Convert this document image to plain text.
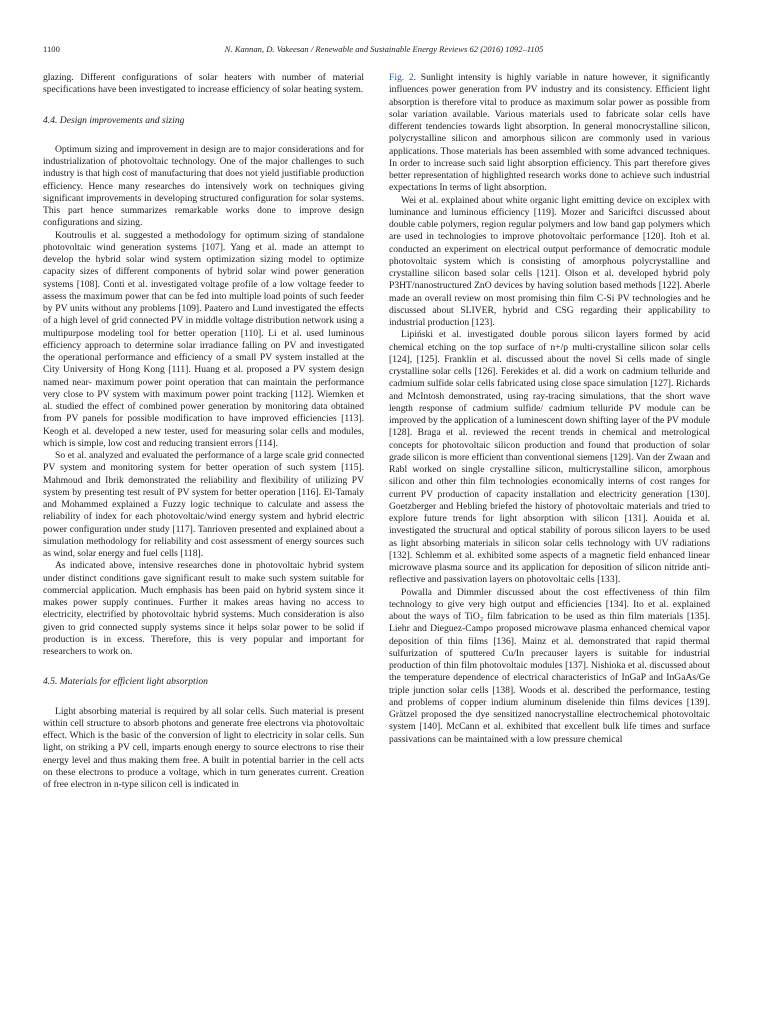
1100	N. Kannan, D. Vakeesan / Renewable and Sustainable Energy Reviews 62 (2016) 1092–1105

glazing. Different configurations of solar heaters with number of material specifications have been investigated to increase efficiency of solar heating system.

4.4. Design improvements and sizing

Optimum sizing and improvement in design are to major considerations and for industrialization of photovoltaic technology. One of the major challenges to such industry is that high cost of manufacturing that does not yield justifiable production efficiency. Hence many researches do intensively work on techniques giving significant improvements in developing structured configuration for solar systems. This part hence summarizes remarkable works done to improve design configurations and sizing.

Koutroulis et al. suggested a methodology for optimum sizing of standalone photovoltaic wind generation systems [107]. Yang et al. made an attempt to develop the hybrid solar wind system optimization sizing model to optimize capacity sizes of different components of hybrid solar wind power generation systems [108]. Conti et al. investigated voltage profile of a low voltage feeder to assess the maximum power that can be fed into multiple load points of such feeder by PV units without any problems [109]. Paatero and Lund investigated the effects of a high level of grid connected PV in middle voltage distribution network using a multipurpose modeling tool for better operation [110]. Li et al. used luminous efficiency approach to determine solar irradiance falling on PV and investigated the operational performance and efficiency of a small PV system installed at the City University of Hong Kong [111]. Huang et al. proposed a PV system design named near- maximum power point operation that can maintain the performance very close to PV system with maximum power point tracking [112]. Wiemken et al. studied the effect of combined power generation by monitoring data obtained from PV panels for possible modification to have improved efficiencies [113]. Keogh et al. developed a new tester, used for measuring solar cells and modules, which is simple, low cost and reducing transient errors [114].

So et al. analyzed and evaluated the performance of a large scale grid connected PV system and monitoring system for better operation of such system [115]. Mahmoud and Ibrik demonstrated the reliability and flexibility of utilizing PV system by presenting test result of PV system for better operation [116]. El-Tamaly and Mohammed explained a Fuzzy logic technique to calculate and assess the reliability of index for each photovoltaic/wind energy system and hybrid electric power configuration under study [117]. Tanrioven presented and explained about a simulation methodology for reliability and cost assessment of energy sources such as wind, solar energy and fuel cells [118].

As indicated above, intensive researches done in photovoltaic hybrid system under distinct conditions gave significant result to make such system suitable for commercial application. Much emphasis has been paid on hybrid system since it makes power supply continues. Further it makes areas having no access to electricity, electrified by photovoltaic hybrid systems. Much consideration is also given to grid connected supply systems since it helps solar power to be solid if production is in excess. Therefore, this is very popular and important for researchers to work on.

4.5. Materials for efficient light absorption

Light absorbing material is required by all solar cells. Such material is present within cell structure to absorb photons and generate free electrons via photovoltaic effect. Which is the basic of the conversion of light to electricity in solar cells. Sun light, on striking a PV cell, imparts enough energy to source electrons to rise their energy level and thus making them free. A built in potential barrier in the cell acts on these electrons to produce a voltage, which in turn generates current. Creation of free electron in n-type silicon cell is indicated in

Fig. 2. Sunlight intensity is highly variable in nature however, it significantly influences power generation from PV industry and its consistency. Efficient light absorption is therefore vital to produce as maximum solar power as possible from solar variation available. Various materials used to fabricate solar cells have different tendencies towards light absorption. In general monocrystalline silicon, polycrystalline silicon and amorphous silicon are commonly used in various applications. Those materials has been assembled with some advanced techniques. In order to increase such said light absorption efficiency. This part therefore gives better representation of highlighted research works done to achieve such industrial expectations In terms of light absorption.

Wei et al. explained about white organic light emitting device on exciplex with luminance and luminous efficiency [119]. Mozer and Sariciftci discussed about double cable polymers, region regular polymers and low band gap polymers which are used in technologies to improve photovoltaic performance [120]. Itoh et al. conducted an experiment on electrical output performance of democratic module photovoltaic system which is consisting of amorphous polycrystalline and crystalline silicon based solar cells [121]. Olson et al. developed hybrid poly P3HT/nanostructured ZnO devices by having solution based methods [122]. Aberle made an overall review on most promising thin film C-Si PV technologies and he discussed about SLIVER, hybrid and CSG regarding their applicability to industrial production [123].

Lipiński et al. investigated double porous silicon layers formed by acid chemical etching on the top surface of n+/p multi-crystalline silicon solar cells [124], [125]. Franklin et al. discussed about the novel Si cells made of single crystalline solar cells [126]. Ferekides et al. did a work on cadmium telluride and cadmium sulfide solar cells fabricated using close space simulation [127]. Richards and McIntosh demonstrated, using ray-tracing simulations, that the short wave length response of cadmium sulfide/ cadmium telluride PV module can be improved by the application of a luminescent down shifting layer of the PV module [128]. Braga et al. reviewed the recent trends in chemical and metrological concepts for photovoltaic silicon production and found that production of solar grade silicon is more efficient than conventional siemens [129]. Van der Zwaan and Rabl worked on single crystalline silicon, multicrystalline silicon, amorphous silicon and other thin film technologies economically interns of cost ranges for current PV production of capacity installation and electricity generation [130]. Goetzberger and Hebling briefed the history of photovoltaic materials and tried to explore future trends for light absorption with silicon [131]. Aouida et al. investigated the structural and optical stability of porous silicon layers to be used as light absorbing materials in silicon solar cells technology with UV radiations [132]. Schlemm et al. exhibited some aspects of a magnetic field enhanced linear microwave plasma source and its application for deposition of silicon nitride anti-reflective and passivation layers on photovoltaic cells [133].

Powalla and Dimmler discussed about the cost effectiveness of thin film technology to give very high output and efficiencies [134]. Ito et al. explained about the ways of TiO₂ film fabrication to be used as thin film materials [135]. Liehr and Dieguez-Campo proposed microwave plasma enhanced chemical vapor deposition of thin films [136]. Mainz et al. demonstrated that rapid thermal sulfurization of sputtered Cu/In precauser layers is suitable for industrial production of thin film photovoltaic modules [137]. Nishioka et al. discussed about the temperature dependence of electrical characteristics of InGaP and InGaAs/Ge triple junction solar cells [138]. Woods et al. described the performance, testing and problems of copper indium aluminum diselenide thin films devices [139]. Grätzel proposed the dye sensitized nanocrystalline electrochemical photovoltaic system [140]. McCann et al. exhibited that excellent bulk life times and surface passivations can be maintained with a low pressure chemical
